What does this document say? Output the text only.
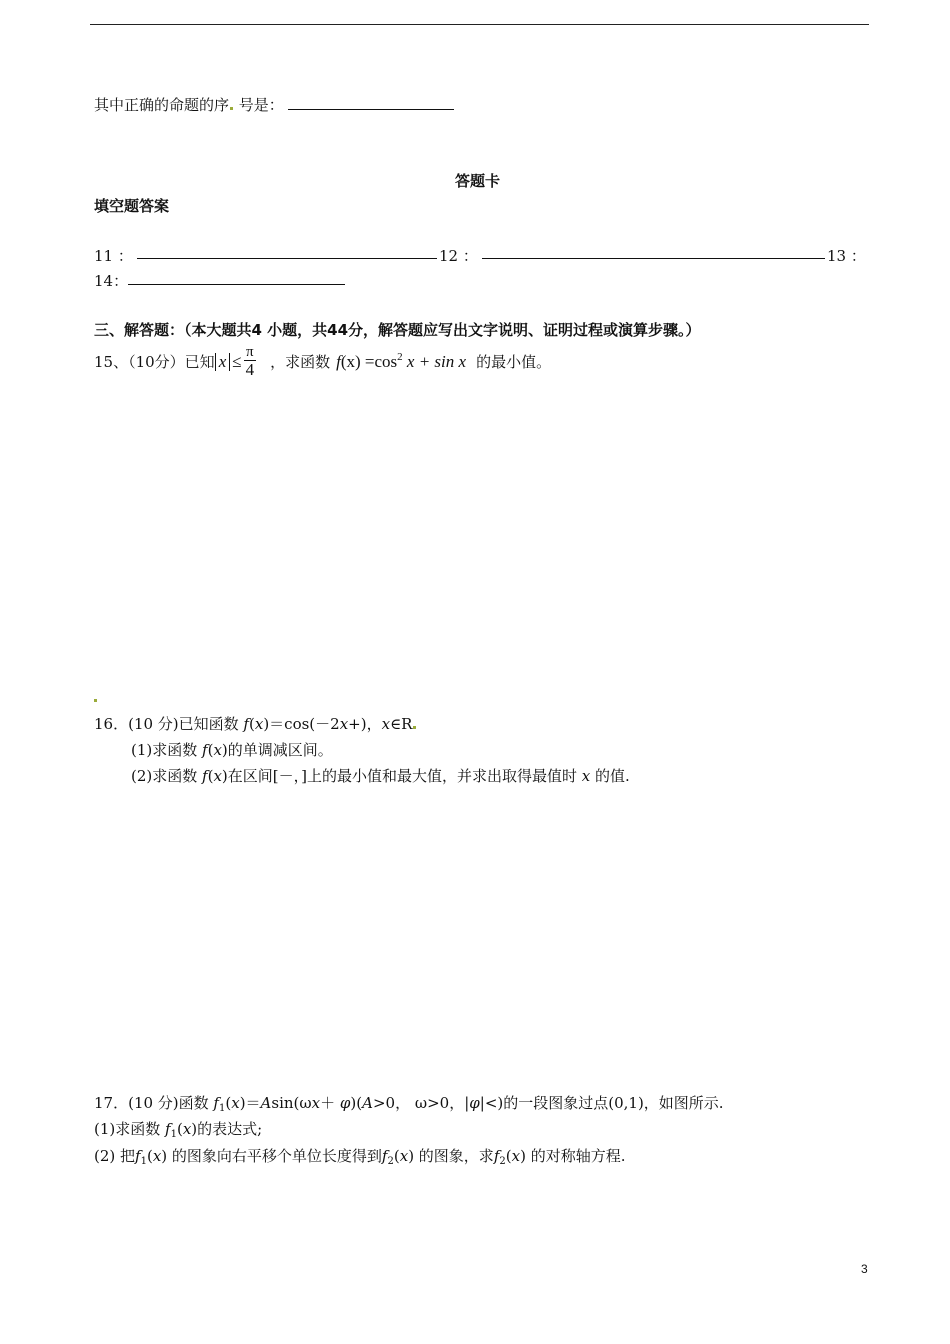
其中正确的命题的序 号是：
答题卡
填空题答案
11 ：	12 ：	13 ：
14：
三、解答题：（本大题共4 小题，共44分，解答题应写出文字说明、证明过程或演算步骤。）
15、（10分）已知 $x \le \frac{\pi}{4}$ ，求函数 $f(x) =\cos^2$ x + sin x 的最小值。
16．(10 分)已知函数 f(x)＝cos(－2x+)，x∈R
(1)求函数 f(x)的单调减区间。
(2)求函数 f(x)在区间[－，]上的最小值和最大值，并求出取得最值时 x 的值.
17．(10 分)函数 $f_1(x)=Asin(\omega x+ \varphi)(A>0$， ω>0，|φ|<)的一段图象过点(0,1)，如图所示.
(1)求函数 $f_1(x)$的表达式;
(2) 把$f_1(x)$ 的图象向右平移个单位长度得到$f_2(x)$ 的图象，求$f_2(x)$ 的对称轴方程.
3
